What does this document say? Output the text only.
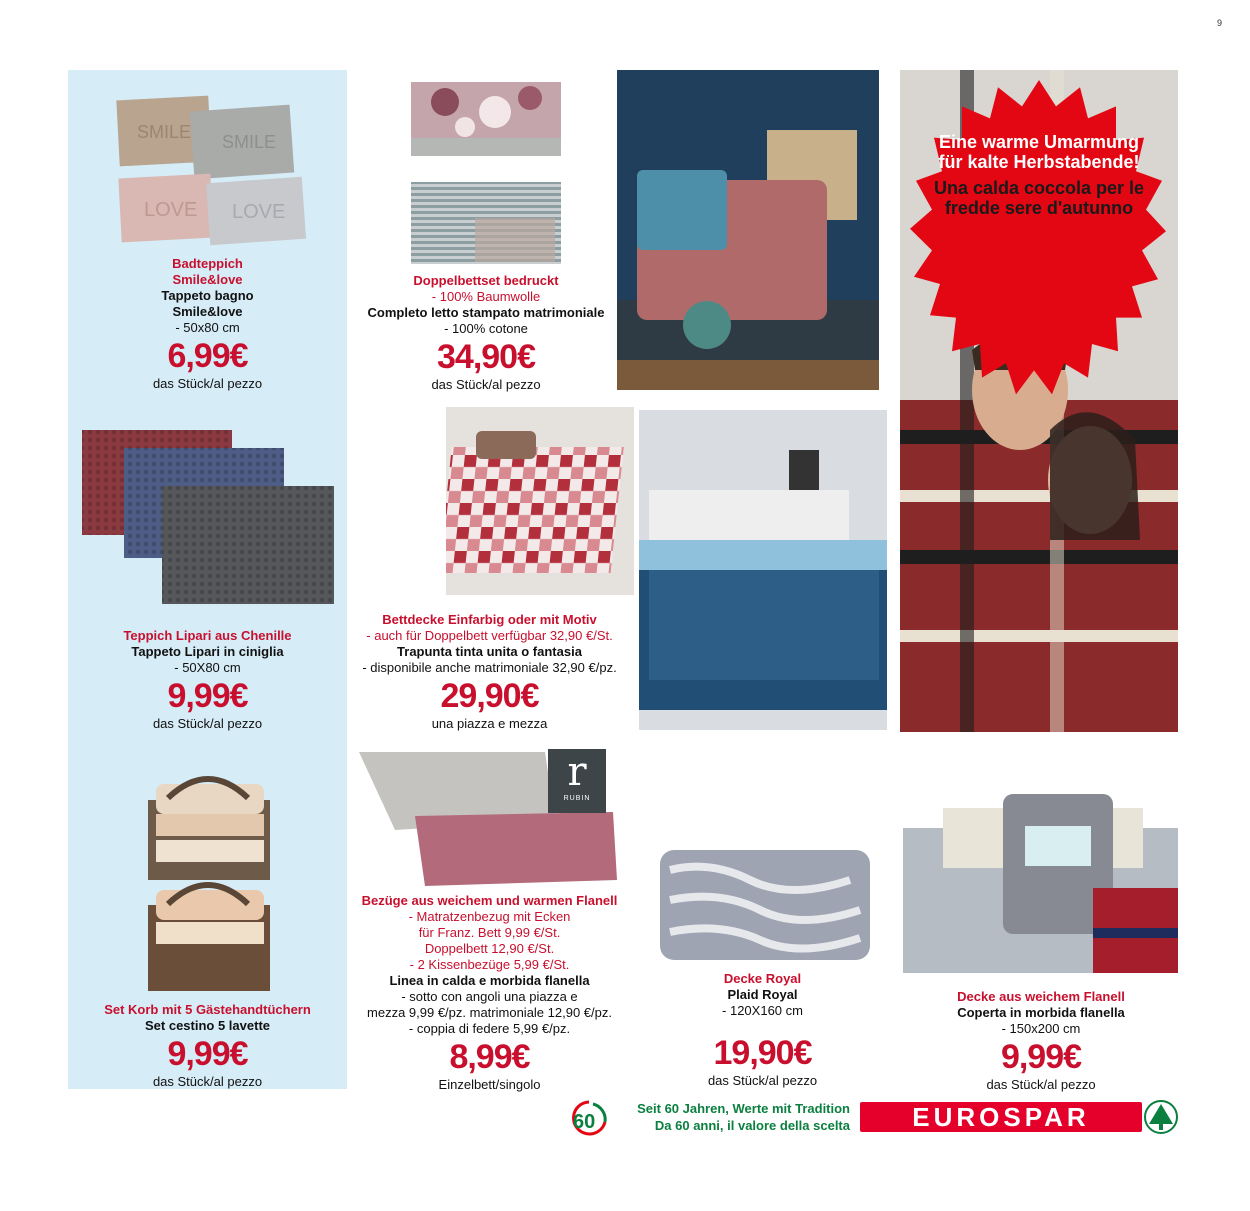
9
SMILE SMILE
LOVE LOVE
Badteppich Smile&love
Tappeto bagno Smile&love
- 50x80 cm
6,99€
das Stück/al pezzo
Teppich Lipari aus Chenille
Tappeto Lipari in ciniglia
- 50X80 cm
9,99€
das Stück/al pezzo
Set Korb mit 5 Gästehandtüchern
Set cestino 5 lavette
9,99€
das Stück/al pezzo
Doppelbettset bedruckt
- 100% Baumwolle
Completo letto stampato matrimoniale
- 100% cotone
34,90€
das Stück/al pezzo
Bettdecke Einfarbig oder mit Motiv
- auch für Doppelbett verfügbar 32,90 €/St.
Trapunta tinta unita o fantasia
- disponibile anche matrimoniale 32,90 €/pz.
29,90€
una piazza e mezza
r
RUBIN
Bezüge aus weichem und warmen Flanell
- Matratzenbezug mit Ecken
für Franz. Bett 9,99 €/St.
Doppelbett 12,90 €/St.
- 2 Kissenbezüge 5,99 €/St.
Linea in calda e morbida flanella
- sotto con angoli una piazza e
mezza 9,99 €/pz. matrimoniale 12,90 €/pz.
- coppia di federe 5,99 €/pz.
8,99€
Einzelbett/singolo
Decke Royal
Plaid Royal
- 120X160 cm
19,90€
das Stück/al pezzo
Decke aus weichem Flanell
Coperta in morbida flanella
- 150x200 cm
9,99€
das Stück/al pezzo
Eine warme Umarmung für kalte Herbstabende!
Una calda coccola per le fredde sere d'autunno
60
Seit 60 Jahren, Werte mit Tradition
Da 60 anni, il valore della scelta	EUROSPAR
